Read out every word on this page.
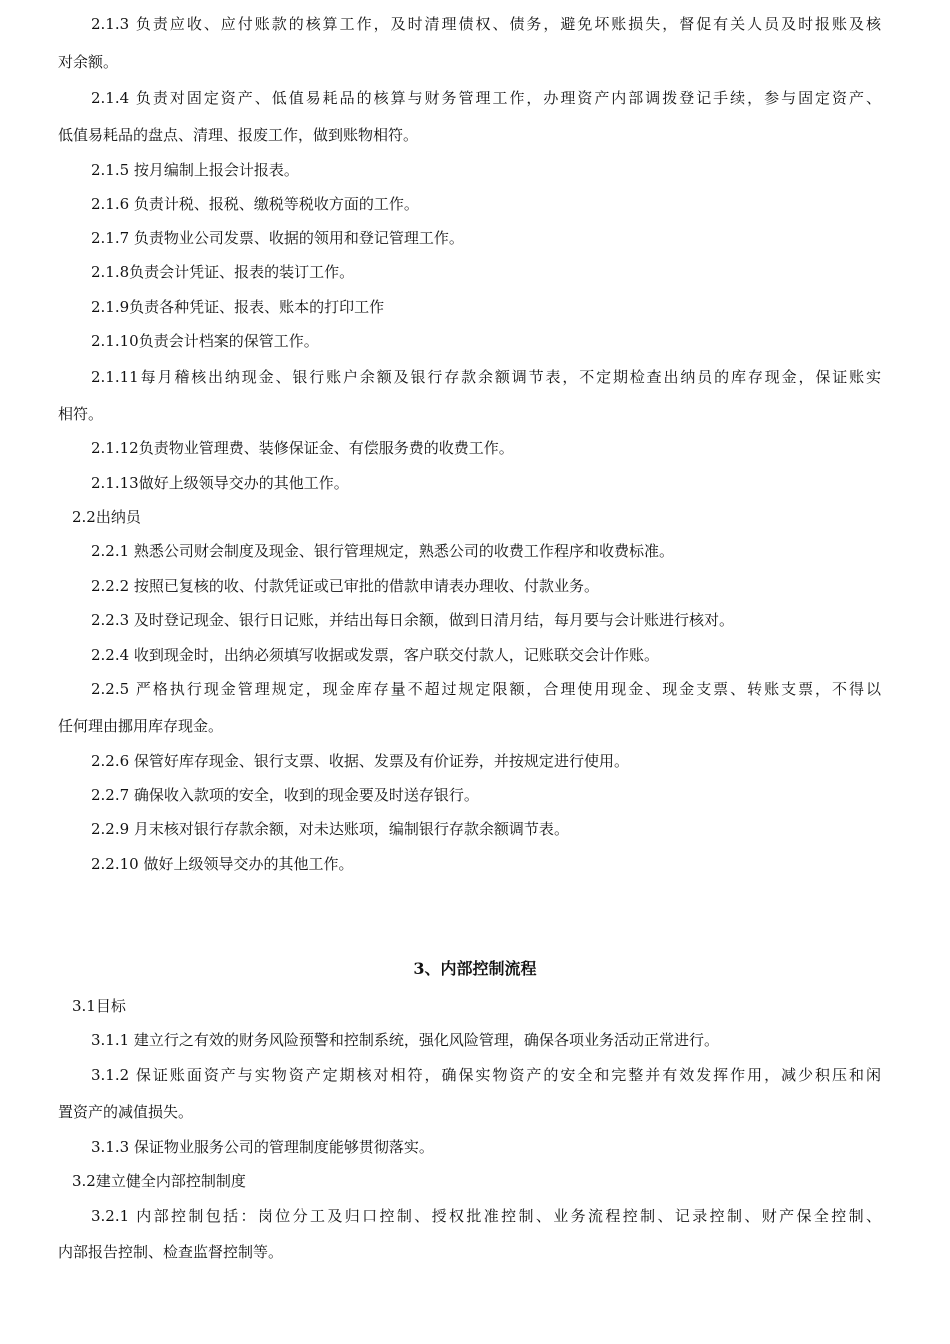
2.1.3 负责应收、应付账款的核算工作，及时清理债权、债务，避免坏账损失，督促有关人员及时报账及核
对余额。
2.1.4 负责对固定资产、低值易耗品的核算与财务管理工作，办理资产内部调拨登记手续，参与固定资产、
低值易耗品的盘点、清理、报废工作，做到账物相符。
2.1.5 按月编制上报会计报表。
2.1.6 负责计税、报税、缴税等税收方面的工作。
2.1.7 负责物业公司发票、收据的领用和登记管理工作。
2.1.8负责会计凭证、报表的装订工作。
2.1.9负责各种凭证、报表、账本的打印工作
2.1.10负责会计档案的保管工作。
2.1.11每月稽核出纳现金、银行账户余额及银行存款余额调节表，不定期检查出纳员的库存现金，保证账实
相符。
2.1.12负责物业管理费、装修保证金、有偿服务费的收费工作。
2.1.13做好上级领导交办的其他工作。
2.2出纳员
2.2.1 熟悉公司财会制度及现金、银行管理规定，熟悉公司的收费工作程序和收费标准。
2.2.2 按照已复核的收、付款凭证或已审批的借款申请表办理收、付款业务。
2.2.3 及时登记现金、银行日记账，并结出每日余额，做到日清月结，每月要与会计账进行核对。
2.2.4 收到现金时，出纳必须填写收据或发票，客户联交付款人，记账联交会计作账。
2.2.5 严格执行现金管理规定，现金库存量不超过规定限额，合理使用现金、现金支票、转账支票，不得以
任何理由挪用库存现金。
2.2.6 保管好库存现金、银行支票、收据、发票及有价证券，并按规定进行使用。
2.2.7 确保收入款项的安全，收到的现金要及时送存银行。
2.2.9 月末核对银行存款余额，对未达账项，编制银行存款余额调节表。
2.2.10 做好上级领导交办的其他工作。
3、内部控制流程
3.1目标
3.1.1 建立行之有效的财务风险预警和控制系统，强化风险管理，确保各项业务活动正常进行。
3.1.2 保证账面资产与实物资产定期核对相符，确保实物资产的安全和完整并有效发挥作用，减少积压和闲
置资产的减值损失。
3.1.3 保证物业服务公司的管理制度能够贯彻落实。
3.2建立健全内部控制制度
3.2.1 内部控制包括：岗位分工及归口控制、授权批准控制、业务流程控制、记录控制、财产保全控制、
内部报告控制、检查监督控制等。
